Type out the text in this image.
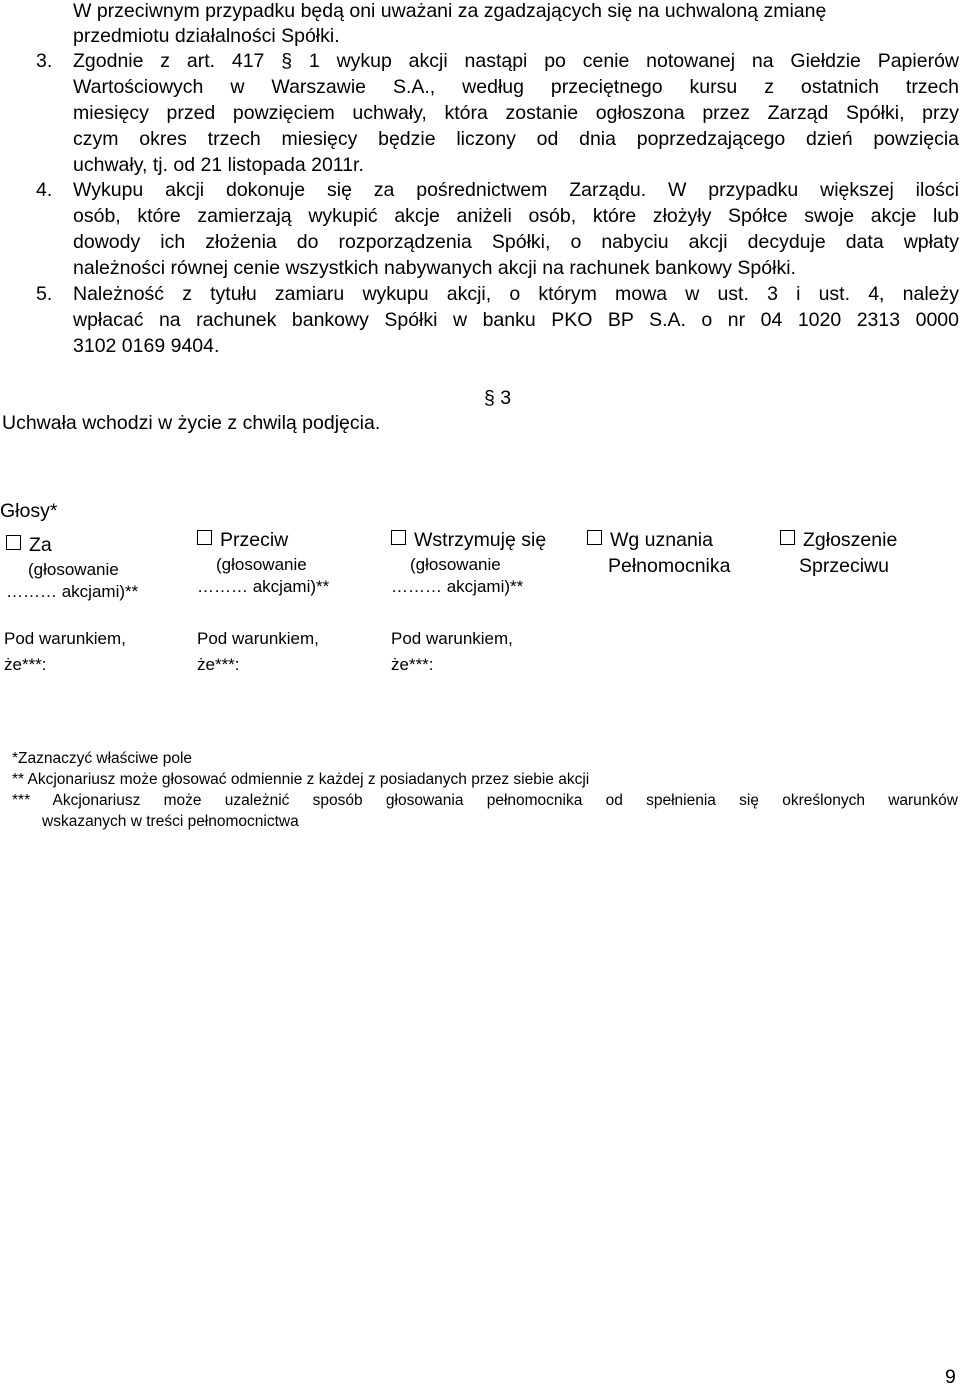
W przeciwnym przypadku będą oni uważani za zgadzających się na uchwaloną zmianę
przedmiotu działalności Spółki.
3. Zgodnie z art. 417 § 1 wykup akcji nastąpi po cenie notowanej na Giełdzie Papierów
Wartościowych w Warszawie S.A., według przeciętnego kursu z ostatnich trzech
miesięcy przed powzięciem uchwały, która zostanie ogłoszona przez Zarząd Spółki, przy
czym okres trzech miesięcy będzie liczony od dnia poprzedzającego dzień powzięcia
uchwały, tj. od 21 listopada 2011r.
4. Wykupu akcji dokonuje się za pośrednictwem Zarządu. W przypadku większej ilości
osób, które zamierzają wykupić akcje aniżeli osób, które złożyły Spółce swoje akcje lub
dowody ich złożenia do rozporządzenia Spółki, o nabyciu akcji decyduje data wpłaty
należności równej cenie wszystkich nabywanych akcji na rachunek bankowy Spółki.
5. Należność z tytułu zamiaru wykupu akcji, o którym mowa w ust. 3 i ust. 4, należy
wpłacać na rachunek bankowy Spółki w banku PKO BP S.A. o nr 04 1020 2313 0000
3102 0169 9404.
§ 3
Uchwała wchodzi w życie z chwilą podjęcia.
Głosy*
Za
(głosowanie
……… akcjami)**
Przeciw
(głosowanie
……… akcjami)**
Wstrzymuję się
(głosowanie
……… akcjami)**
Wg uznania
Pełnomocnika
Zgłoszenie
Sprzeciwu
Pod warunkiem,
że***:
Pod warunkiem,
że***:
Pod warunkiem,
że***:
*Zaznaczyć właściwe pole
** Akcjonariusz może głosować odmiennie z każdej z posiadanych przez siebie akcji
*** Akcjonariusz może uzależnić sposób głosowania pełnomocnika od spełnienia się określonych warunków
wskazanych w treści pełnomocnictwa
9
